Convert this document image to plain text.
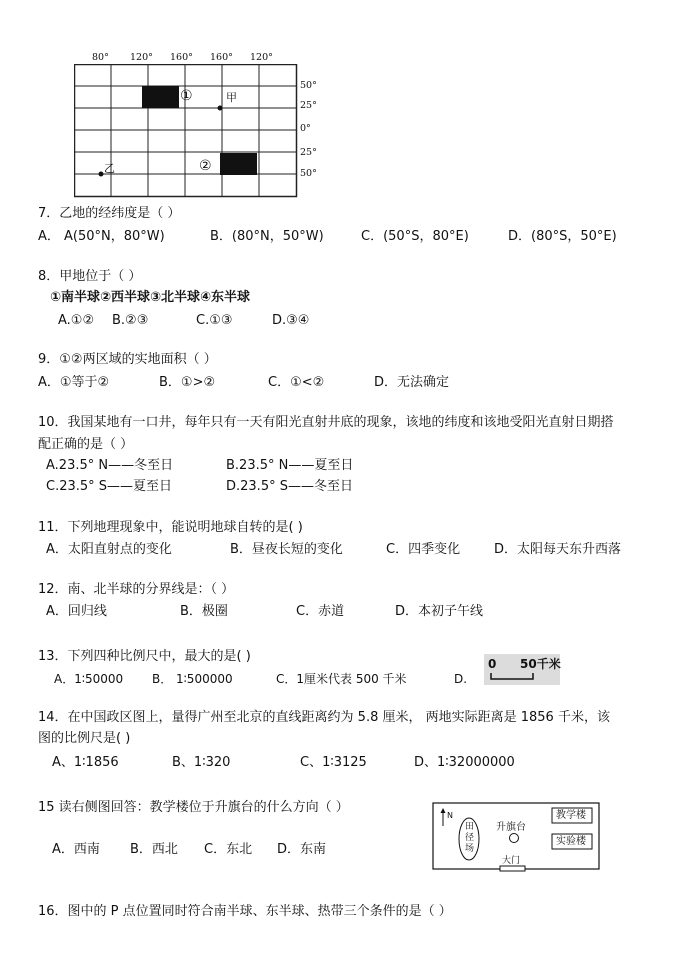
80° 120° 160° 160° 120°
50°
25°
0°
25°
50°
①
②
甲
乙
7．乙地的经纬度是（ ）
A． A(50°N，80°W)	B．(80°N，50°W)	C．(50°S，80°E)	D．(80°S，50°E)
8．甲地位于（ ）
①南半球②西半球③北半球④东半球
A.①② B.②③	C.①③	D.③④
9．①②两区域的实地面积（ ）
A．①等于②	B．①>②	C．①<②	D．无法确定
10．我国某地有一口井，每年只有一天有阳光直射井底的现象，该地的纬度和该地受阳光直射日期搭
配正确的是（ ）
A.23.5° N——冬至日	B.23.5° N——夏至日
C.23.5° S——夏至日	D.23.5° S——冬至日
11．下列地理现象中，能说明地球自转的是( )
A．太阳直射点的变化	B．昼夜长短的变化	C．四季变化	D．太阳每天东升西落
12．南、北半球的分界线是：（ ）
A．回归线	B．极圈	C．赤道	D．本初子午线
13．下列四种比例尺中，最大的是( )
A．1∶50000 B． 1∶500000	C．1厘米代表 500 千米	D.
0 50千米
14．在中国政区图上，量得广州至北京的直线距离约为 5.8 厘米， 两地实际距离是 1856 千米，该
图的比例尺是( )
A、1∶1856	B、1∶320	C、1∶3125	D、1∶32000000
15 读右侧图回答：教学楼位于升旗台的什么方向（ ）
A．西南 B．西北 C．东北 D．东南
N
田径场
升旗台
教学楼
实验楼
大门
16．图中的 P 点位置同时符合南半球、东半球、热带三个条件的是（ ）
